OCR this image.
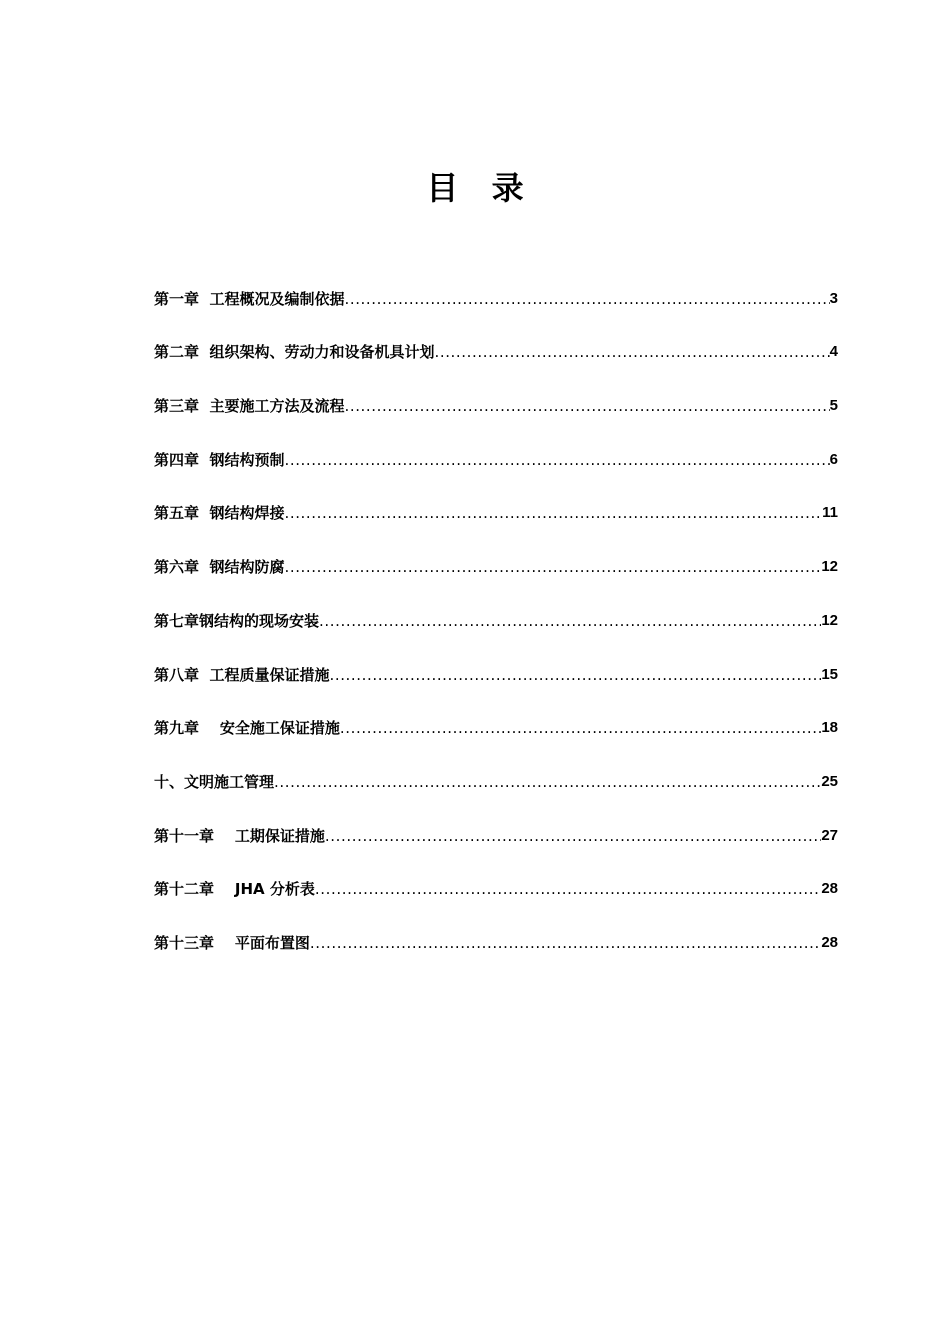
目 录
第一章  工程概况及编制依据 .....	3
第二章  组织架构、劳动力和设备机具计划 .....	4
第三章  主要施工方法及流程 .....	5
第四章  钢结构预制 .....	6
第五章  钢结构焊接 .....	11
第六章  钢结构防腐 .....	12
第七章钢结构的现场安装 .....	12
第八章  工程质量保证措施 .....	15
第九章    安全施工保证措施 .....	18
十、文明施工管理 .....	25
第十一章    工期保证措施 .....	27
第十二章    JHA 分析表 .....	28
第十三章    平面布置图 .....	28
